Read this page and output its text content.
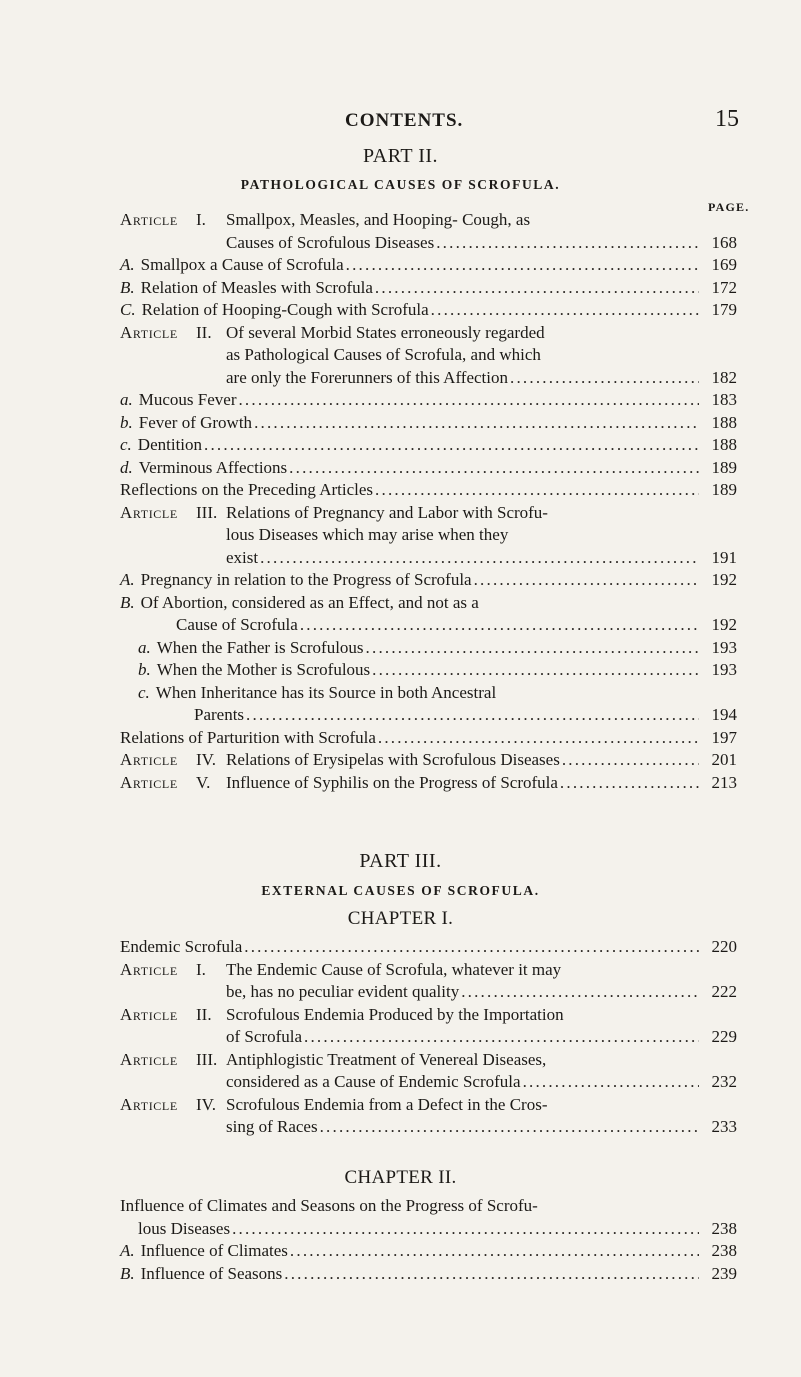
CONTENTS.	15
PART II.
PATHOLOGICAL CAUSES OF SCROFULA.
PAGE.
Article	I.	Smallpox, Measles, and Hooping- Cough, as
Causes of Scrofulous Diseases .....	168
A. Smallpox a Cause of Scrofula .....	169
B. Relation of Measles with Scrofula .....	172
C. Relation of Hooping-Cough with Scrofula .....	179
Article	II. Of several Morbid States erroneously regarded
as Pathological Causes of Scrofula, and which
are only the Forerunners of this Affection .....	182
a. Mucous Fever .....	183
b. Fever of Growth .....	188
c. Dentition .....	188
d. Verminous Affections .....	189
Reflections on the Preceding Articles .....	189
Article	III. Relations of Pregnancy and Labor with Scrofu-
lous Diseases which may arise when they
exist .....	191
A. Pregnancy in relation to the Progress of Scrofula .....	192
B. Of Abortion, considered as an Effect, and not as a
Cause of Scrofula .....	192
a. When the Father is Scrofulous .....	193
b. When the Mother is Scrofulous .....	193
c. When Inheritance has its Source in both Ancestral
Parents .....	194
Relations of Parturition with Scrofula .....	197
Article	IV. Relations of Erysipelas with Scrofulous Diseases .....	201
Article	V. Influence of Syphilis on the Progress of Scrofula .....	213
PART III.
EXTERNAL CAUSES OF SCROFULA.
CHAPTER I.
Endemic Scrofula .....	220
Article	I.	The Endemic Cause of Scrofula, whatever it may
be, has no peculiar evident quality .....	222
Article	II. Scrofulous Endemia Produced by the Importation
of Scrofula .....	229
Article	III. Antiphlogistic Treatment of Venereal Diseases,
considered as a Cause of Endemic Scrofula .....	232
Article	IV. Scrofulous Endemia from a Defect in the Cros-
sing of Races .....	233
CHAPTER II.
Influence of Climates and Seasons on the Progress of Scrofu-
lous Diseases .....	238
A. Influence of Climates .....	238
B. Influence of Seasons .....	239
